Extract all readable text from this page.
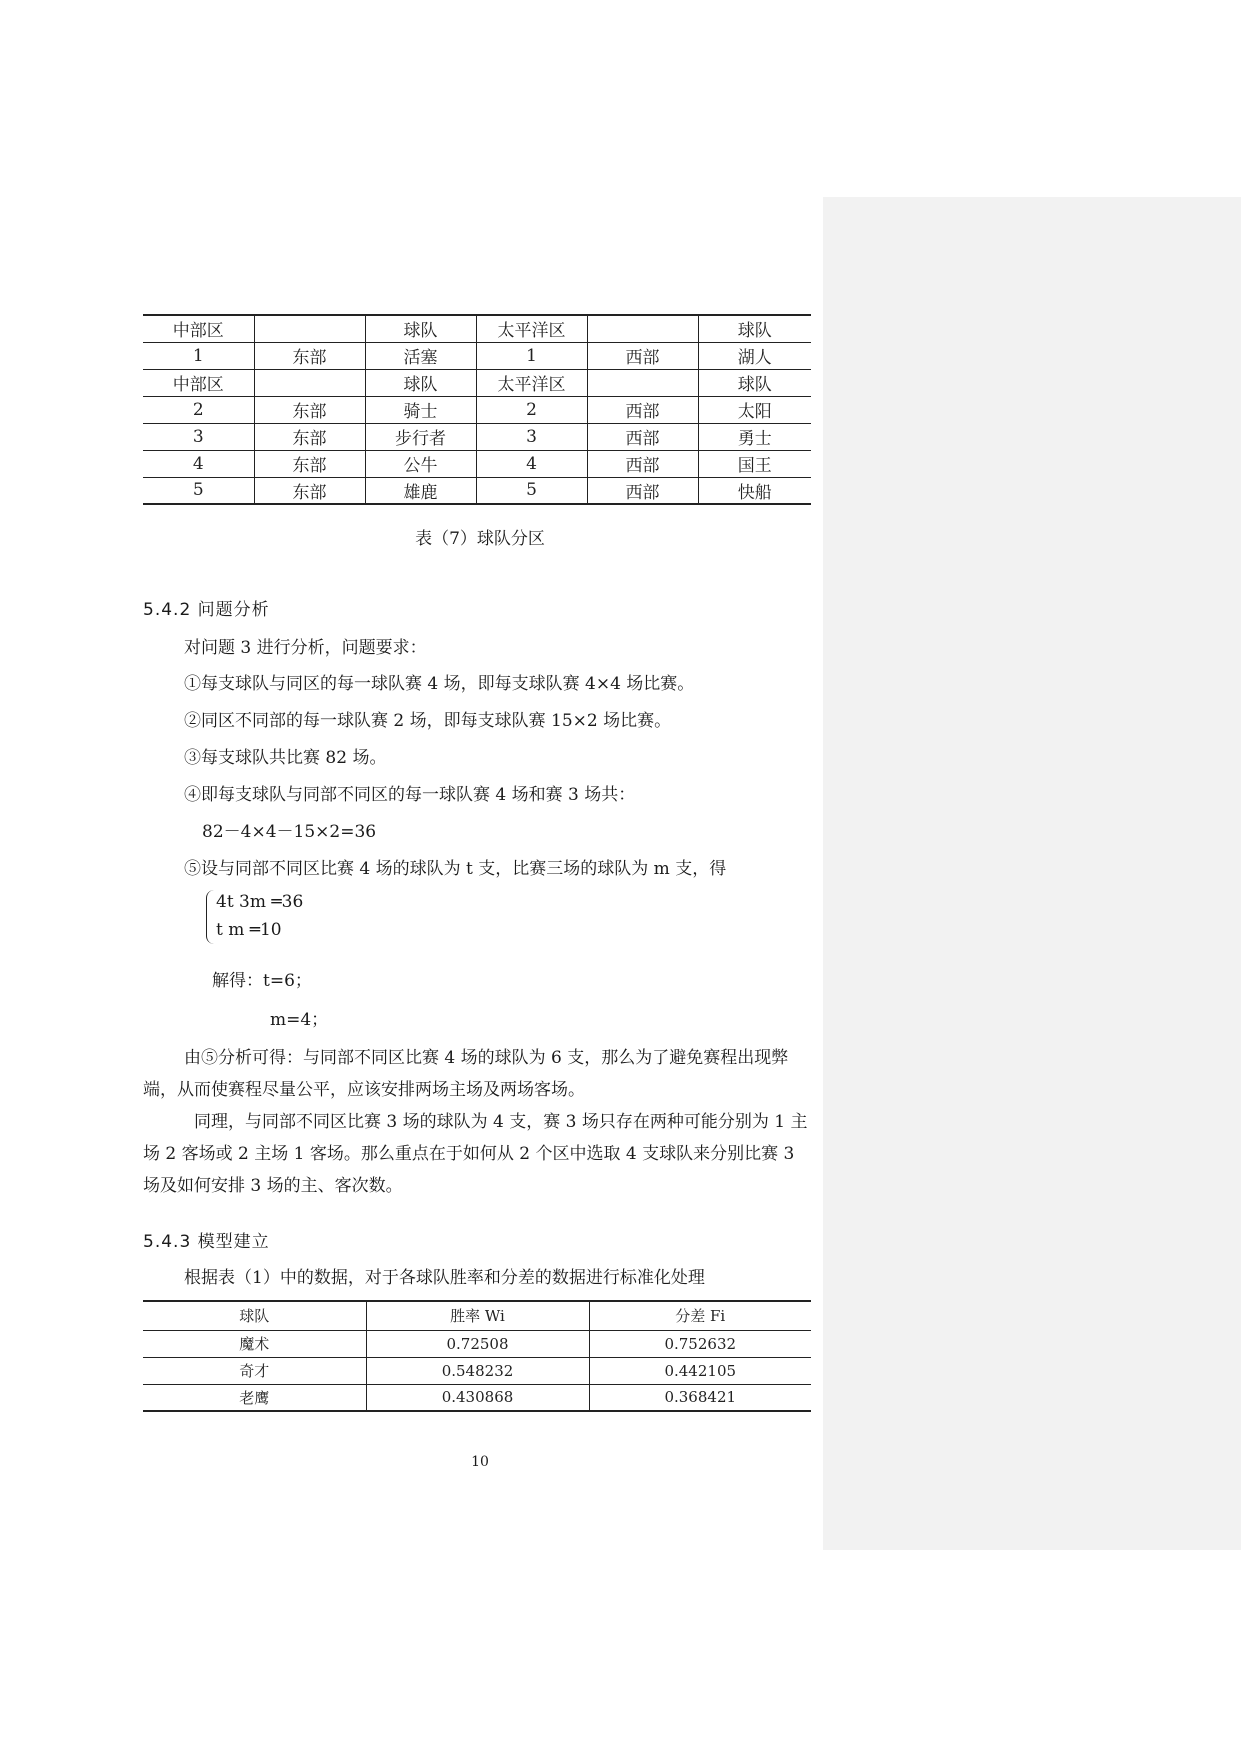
中部区		球队	太平洋区		球队
1	东部	活塞	1	西部	湖人
中部区		球队	太平洋区		球队
2	东部	骑士	2	西部	太阳
3	东部	步行者	3	西部	勇士
4	东部	公牛	4	西部	国王
5	东部	雄鹿	5	西部	快船
表（7）球队分区
5.4.2 问题分析
对问题 3 进行分析，问题要求：
①每支球队与同区的每一球队赛 4 场，即每支球队赛 4×4 场比赛。
②同区不同部的每一球队赛 2 场，即每支球队赛 15×2 场比赛。
③每支球队共比赛 82 场。
④即每支球队与同部不同区的每一球队赛 4 场和赛 3 场共：
82－4×4－15×2=36
⑤设与同部不同区比赛 4 场的球队为 t 支，比赛三场的球队为 m 支，得
4t 3m ═36
t m ═10
解得：t=6；
m=4；
由⑤分析可得：与同部不同区比赛 4 场的球队为 6 支，那么为了避免赛程出现弊端，从而使赛程尽量公平，应该安排两场主场及两场客场。
同理，与同部不同区比赛 3 场的球队为 4 支，赛 3 场只存在两种可能分别为 1 主场 2 客场或 2 主场 1 客场。那么重点在于如何从 2 个区中选取 4 支球队来分别比赛 3 场及如何安排 3 场的主、客次数。
5.4.3 模型建立
根据表（1）中的数据，对于各球队胜率和分差的数据进行标准化处理
球队	胜率 Wi	分差 Fi
魔术	0.72508	0.752632
奇才	0.548232	0.442105
老鹰	0.430868	0.368421
10
